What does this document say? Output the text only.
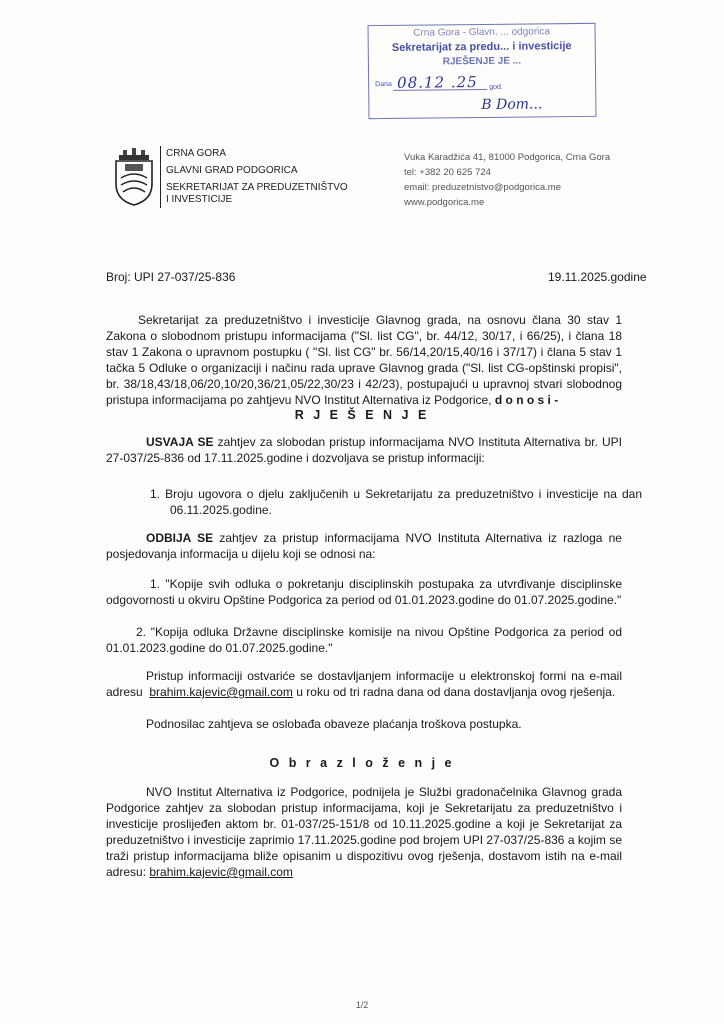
Crna Gora - Glavn. ... odgorica
Sekretarijat za predu... i investicije
RJEŠENJE JE ...
Dana 08.12 .25 god.
B Dom...
CRNA GORA
GLAVNI GRAD PODGORICA
SEKRETARIJAT ZA PREDUZETNIŠTVO
I INVESTICIJE
Vuka Karadžića 41, 81000 Podgorica, Crna Gora
tel: +382 20 625 724
email: preduzetnistvo@podgorica.me
www.podgorica.me
Broj: UPI 27-037/25-836	19.11.2025.godine
Sekretarijat za preduzetništvo i investicije Glavnog grada, na osnovu člana 30 stav 1 Zakona o slobodnom pristupu informacijama ("Sl. list CG", br. 44/12, 30/17, i 66/25), i člana 18 stav 1 Zakona o upravnom postupku ( "Sl. list CG" br. 56/14,20/15,40/16 i 37/17) i člana 5 stav 1 tačka 5 Odluke o organizaciji i načinu rada uprave Glavnog grada ("Sl. list CG-opštinski propisi", br. 38/18,43/18,06/20,10/20,36/21,05/22,30/23 i 42/23), postupajući u upravnoj stvari slobodnog pristupa informacijama po zahtjevu NVO Institut Alternativa iz Podgorice, d o n o s i -
R J E Š E N J E
USVAJA SE zahtjev za slobodan pristup informacijama NVO Instituta Alternativa br. UPI 27-037/25-836 od 17.11.2025.godine i dozvoljava se pristup informaciji:
1. Broju ugovora o djelu zaključenih u Sekretarijatu za preduzetništvo i investicije na dan 06.11.2025.godine.
ODBIJA SE zahtjev za pristup informacijama NVO Instituta Alternativa iz razloga ne posjedovanja informacija u dijelu koji se odnosi na:
1. "Kopije svih odluka o pokretanju disciplinskih postupaka za utvrđivanje disciplinske odgovornosti u okviru Opštine Podgorica za period od 01.01.2023.godine do 01.07.2025.godine."
2. "Kopija odluka Državne disciplinske komisije na nivou Opštine Podgorica za period od 01.01.2023.godine do 01.07.2025.godine."
Pristup informaciji ostvariće se dostavljanjem informacije u elektronskoj formi na e-mail adresu brahim.kajevic@gmail.com u roku od tri radna dana od dana dostavljanja ovog rješenja.
Podnosilac zahtjeva se oslobađa obaveze plaćanja troškova postupka.
O b r a z l o ž e n j e
NVO Institut Alternativa iz Podgorice, podnijela je Službi gradonačelnika Glavnog grada Podgorice zahtjev za slobodan pristup informacijama, koji je Sekretarijatu za preduzetništvo i investicije proslijeđen aktom br. 01-037/25-151/8 od 10.11.2025.godine a koji je Sekretarijat za preduzetništvo i investicije zaprimio 17.11.2025.godine pod brojem UPI 27-037/25-836 a kojim se traži pristup informacijama bliže opisanim u dispozitivu ovog rješenja, dostavom istih na e-mail adresu: brahim.kajevic@gmail.com
1/2
